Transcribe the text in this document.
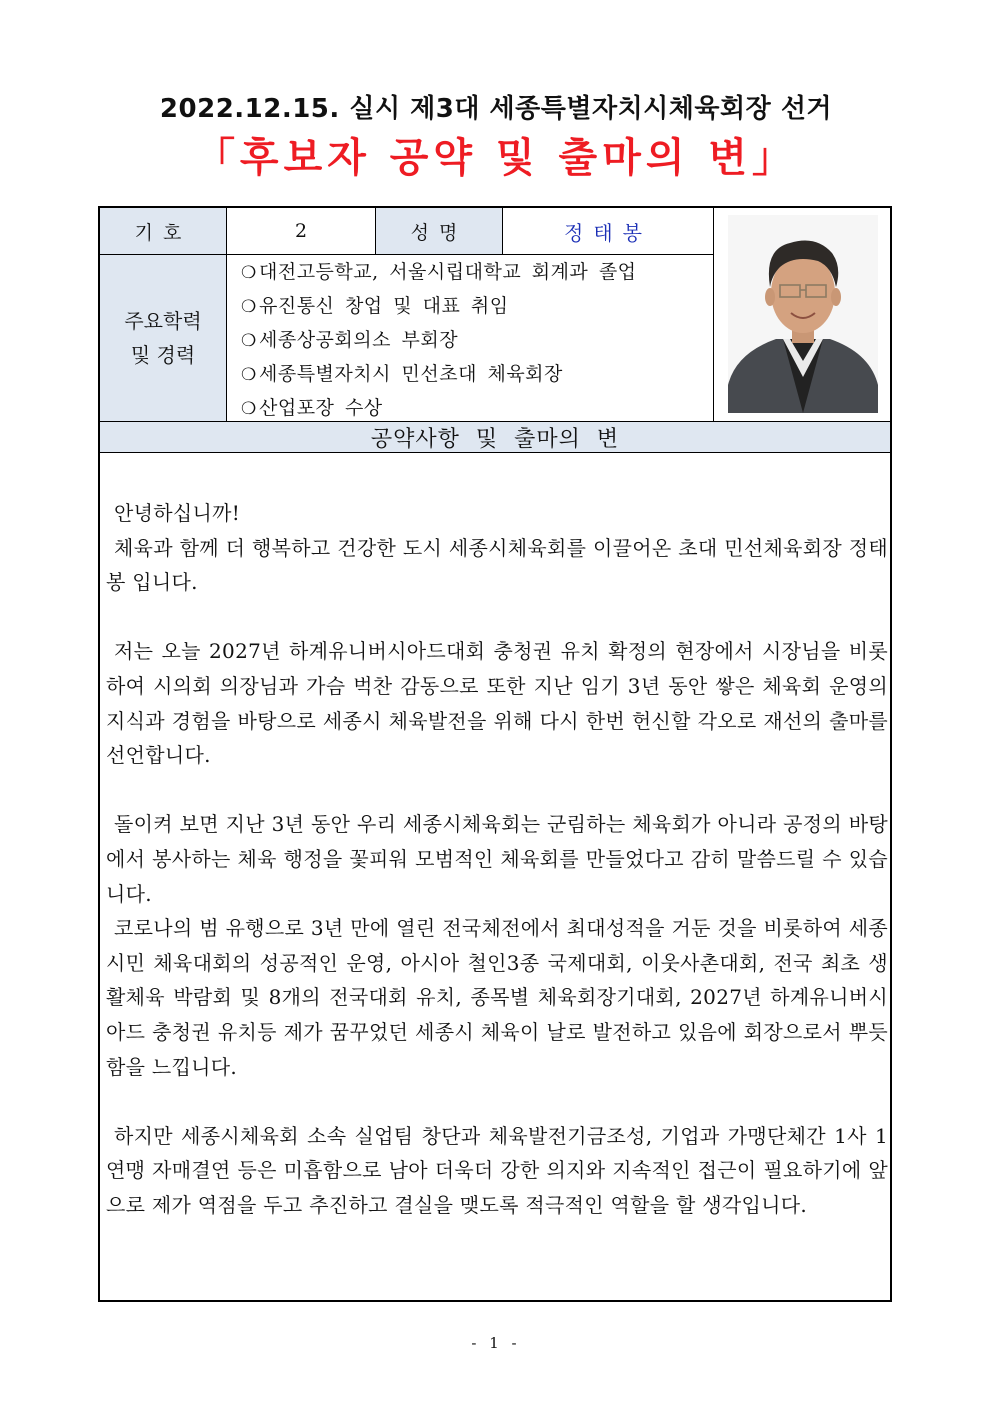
2022.12.15. 실시 제3대 세종특별자치시체육회장 선거
「후보자 공약 및 출마의 변」
기호	2	성명	정태봉
주요학력
및 경력
❍ 대전고등학교, 서울시립대학교 회계과 졸업
❍ 유진통신 창업 및 대표 취임
❍ 세종상공회의소 부회장
❍ 세종특별자치시 민선초대 체육회장
❍ 산업포장 수상
공약사항 및 출마의 변

안녕하십니까!

체육과 함께 더 행복하고 건강한 도시 세종시체육회를 이끌어온 초대 민선체육회장 정태봉 입니다.

저는 오늘 2027년 하계유니버시아드대회 충청권 유치 확정의 현장에서 시장님을 비롯하여 시의회 의장님과 가슴 벅찬 감동으로 또한 지난 임기 3년 동안 쌓은 체육회 운영의 지식과 경험을 바탕으로 세종시 체육발전을 위해 다시 한번 헌신할 각오로 재선의 출마를 선언합니다.

돌이켜 보면 지난 3년 동안 우리 세종시체육회는 군림하는 체육회가 아니라 공정의 바탕에서 봉사하는 체육 행정을 꽃피워 모범적인 체육회를 만들었다고 감히 말씀드릴 수 있습니다.

코로나의 범 유행으로 3년 만에 열린 전국체전에서 최대성적을 거둔 것을 비롯하여 세종시민 체육대회의 성공적인 운영, 아시아 철인3종 국제대회, 이웃사촌대회, 전국 최초 생활체육 박람회 및 8개의 전국대회 유치, 종목별 체육회장기대회, 2027년 하계유니버시아드 충청권 유치등 제가 꿈꾸었던 세종시 체육이 날로 발전하고 있음에 회장으로서 뿌듯함을 느낍니다.

하지만 세종시체육회 소속 실업팀 창단과 체육발전기금조성, 기업과 가맹단체간 1사 1연맹 자매결연 등은 미흡함으로 남아 더욱더 강한 의지와 지속적인 접근이 필요하기에 앞으로 제가 역점을 두고 추진하고 결실을 맺도록 적극적인 역할을 할 생각입니다.

- 1 -
